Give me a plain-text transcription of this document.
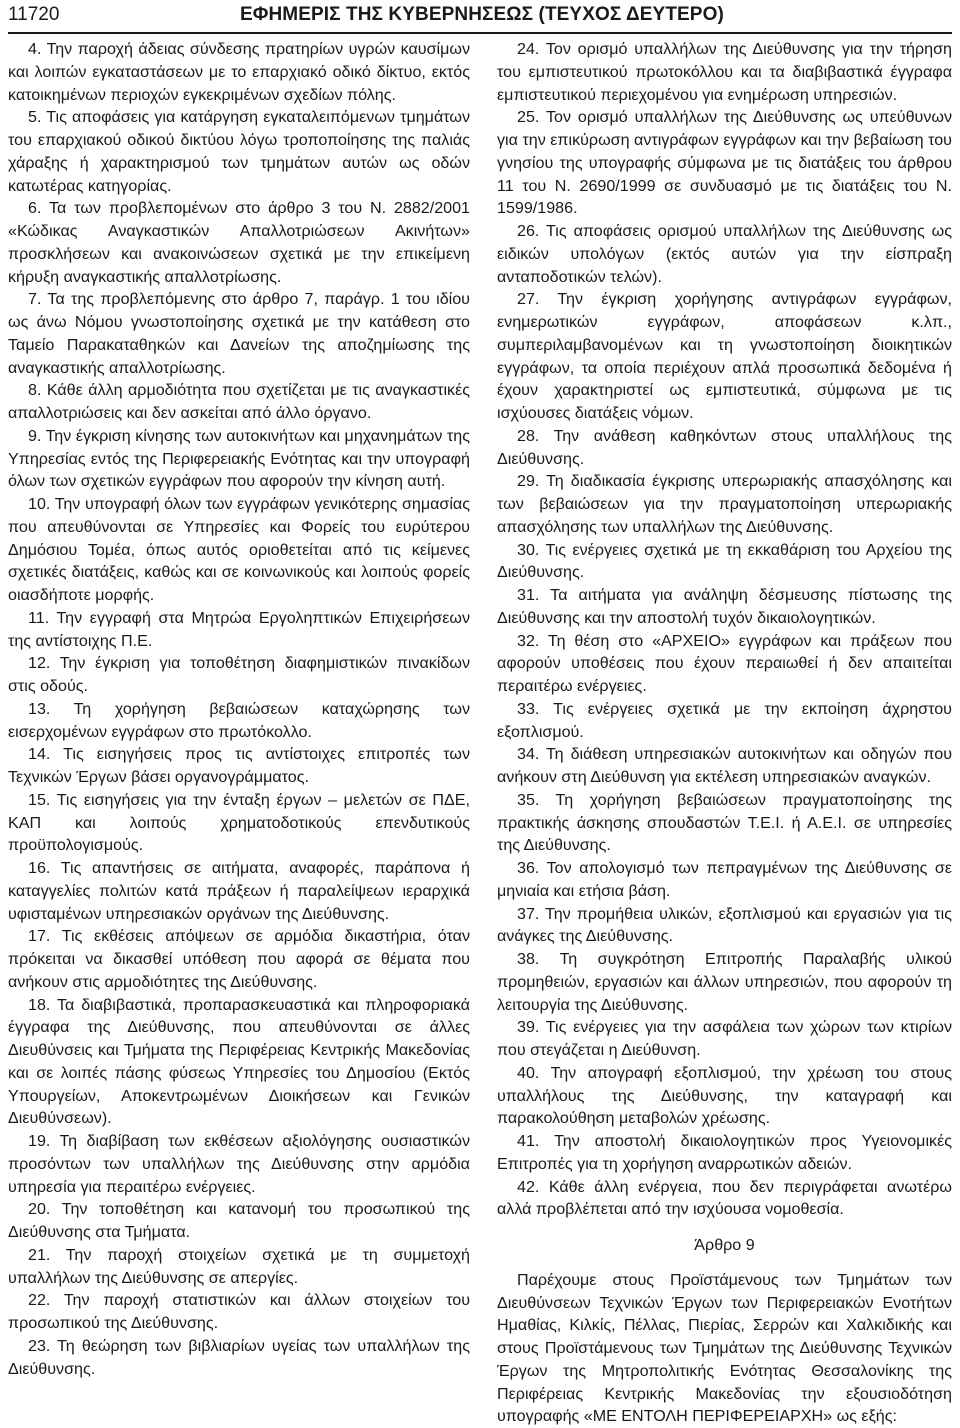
11720	ΕΦΗΜΕΡΙΣ ΤΗΣ ΚΥΒΕΡΝΗΣΕΩΣ (ΤΕΥΧΟΣ ΔΕΥΤΕΡΟ)

4. Την παροχή άδειας σύνδεσης πρατηρίων υγρών καυσίμων και λοιπών εγκαταστάσεων με το επαρχιακό οδικό δίκτυο, εκτός κατοικημένων περιοχών εγκεκριμένων σχεδίων πόλης.

5. Τις αποφάσεις για κατάργηση εγκαταλειπόμενων τμημάτων του επαρχιακού οδικού δικτύου λόγω τροποποίησης της παλιάς χάραξης ή χαρακτηρισμού των τμημάτων αυτών ως οδών κατωτέρας κατηγορίας.

6. Τα των προβλεπομένων στο άρθρο 3 του Ν. 2882/2001 «Κώδικας Αναγκαστικών Απαλλοτριώσεων Ακινήτων» προσκλήσεων και ανακοινώσεων σχετικά με την επικείμενη κήρυξη αναγκαστικής απαλλοτρίωσης.

7. Τα της προβλεπόμενης στο άρθρο 7, παράγρ. 1 του ιδίου ως άνω Νόμου γνωστοποίησης σχετικά με την κατάθεση στο Ταμείο Παρακαταθηκών και Δανείων της αποζημίωσης της αναγκαστικής απαλλοτρίωσης.

8. Κάθε άλλη αρμοδιότητα που σχετίζεται με τις αναγκαστικές απαλλοτριώσεις και δεν ασκείται από άλλο όργανο.

9. Την έγκριση κίνησης των αυτοκινήτων και μηχανημάτων της Υπηρεσίας εντός της Περιφερειακής Ενότητας και την υπογραφή όλων των σχετικών εγγράφων που αφορούν την κίνηση αυτή.

10. Την υπογραφή όλων των εγγράφων γενικότερης σημασίας που απευθύνονται σε Υπηρεσίες και Φορείς του ευρύτερου Δημόσιου Τομέα, όπως αυτός οριοθετείται από τις κείμενες σχετικές διατάξεις, καθώς και σε κοινωνικούς και λοιπούς φορείς οιασδήποτε μορφής.

11. Την εγγραφή στα Μητρώα Εργοληπτικών Επιχειρήσεων της αντίστοιχης Π.Ε.

12. Την έγκριση για τοποθέτηση διαφημιστικών πινακίδων στις οδούς.

13. Τη χορήγηση βεβαιώσεων καταχώρησης των εισερχομένων εγγράφων στο πρωτόκολλο.

14. Τις εισηγήσεις προς τις αντίστοιχες επιτροπές των Τεχνικών Έργων βάσει οργανογράμματος.

15. Τις εισηγήσεις για την ένταξη έργων – μελετών σε ΠΔΕ, ΚΑΠ και λοιπούς χρηματοδοτικούς επενδυτικούς προϋπολογισμούς.

16. Τις απαντήσεις σε αιτήματα, αναφορές, παράπονα ή καταγγελίες πολιτών κατά πράξεων ή παραλείψεων ιεραρχικά υφισταμένων υπηρεσιακών οργάνων της Διεύθυνσης.

17. Τις εκθέσεις απόψεων σε αρμόδια δικαστήρια, όταν πρόκειται να δικασθεί υπόθεση που αφορά σε θέματα που ανήκουν στις αρμοδιότητες της Διεύθυνσης.

18. Τα διαβιβαστικά, προπαρασκευαστικά και πληροφοριακά έγγραφα της Διεύθυνσης, που απευθύνονται σε άλλες Διευθύνσεις και Τμήματα της Περιφέρειας Κεντρικής Μακεδονίας και σε λοιπές πάσης φύσεως Υπηρεσίες του Δημοσίου (Εκτός Υπουργείων, Αποκεντρωμένων Διοικήσεων και Γενικών Διευθύνσεων).

19. Τη διαβίβαση των εκθέσεων αξιολόγησης ουσιαστικών προσόντων των υπαλλήλων της Διεύθυνσης στην αρμόδια υπηρεσία για περαιτέρω ενέργειες.

20. Την τοποθέτηση και κατανομή του προσωπικού της Διεύθυνσης στα Τμήματα.

21. Την παροχή στοιχείων σχετικά με τη συμμετοχή υπαλλήλων της Διεύθυνσης σε απεργίες.

22. Την παροχή στατιστικών και άλλων στοιχείων του προσωπικού της Διεύθυνσης.

23. Τη θεώρηση των βιβλιαρίων υγείας των υπαλλήλων της Διεύθυνσης.

24. Τον ορισμό υπαλλήλων της Διεύθυνσης για την τήρηση του εμπιστευτικού πρωτοκόλλου και τα διαβιβαστικά έγγραφα εμπιστευτικού περιεχομένου για ενημέρωση υπηρεσιών.

25. Τον ορισμό υπαλλήλων της Διεύθυνσης ως υπεύθυνων για την επικύρωση αντιγράφων εγγράφων και την βεβαίωση του γνησίου της υπογραφής σύμφωνα με τις διατάξεις του άρθρου 11 του Ν. 2690/1999 σε συνδυασμό με τις διατάξεις του Ν. 1599/1986.

26. Τις αποφάσεις ορισμού υπαλλήλων της Διεύθυνσης ως ειδικών υπολόγων (εκτός αυτών για την είσπραξη ανταποδοτικών τελών).

27. Την έγκριση χορήγησης αντιγράφων εγγράφων, ενημερωτικών εγγράφων, αποφάσεων κ.λπ., συμπεριλαμβανομένων και τη γνωστοποίηση διοικητικών εγγράφων, τα οποία περιέχουν απλά προσωπικά δεδομένα ή έχουν χαρακτηριστεί ως εμπιστευτικά, σύμφωνα με τις ισχύουσες διατάξεις νόμων.

28. Την ανάθεση καθηκόντων στους υπαλλήλους της Διεύθυνσης.

29. Τη διαδικασία έγκρισης υπερωριακής απασχόλησης και των βεβαιώσεων για την πραγματοποίηση υπερωριακής απασχόλησης των υπαλλήλων της Διεύθυνσης.

30. Τις ενέργειες σχετικά με τη εκκαθάριση του Αρχείου της Διεύθυνσης.

31. Τα αιτήματα για ανάληψη δέσμευσης πίστωσης της Διεύθυνσης και την αποστολή τυχόν δικαιολογητικών.

32. Τη θέση στο «ΑΡΧΕΙΟ» εγγράφων και πράξεων που αφορούν υποθέσεις που έχουν περαιωθεί ή δεν απαιτείται περαιτέρω ενέργειες.

33. Τις ενέργειες σχετικά με την εκποίηση άχρηστου εξοπλισμού.

34. Τη διάθεση υπηρεσιακών αυτοκινήτων και οδηγών που ανήκουν στη Διεύθυνση για εκτέλεση υπηρεσιακών αναγκών.

35. Τη χορήγηση βεβαιώσεων πραγματοποίησης της πρακτικής άσκησης σπουδαστών Τ.Ε.Ι. ή Α.Ε.Ι. σε υπηρεσίες της Διεύθυνσης.

36. Τον απολογισμό των πεπραγμένων της Διεύθυνσης σε μηνιαία και ετήσια βάση.

37. Την προμήθεια υλικών, εξοπλισμού και εργασιών για τις ανάγκες της Διεύθυνσης.

38. Τη συγκρότηση Επιτροπής Παραλαβής υλικού προμηθειών, εργασιών και άλλων υπηρεσιών, που αφορούν τη λειτουργία της Διεύθυνσης.

39. Τις ενέργειες για την ασφάλεια των χώρων των κτιρίων που στεγάζεται η Διεύθυνση.

40. Την απογραφή εξοπλισμού, την χρέωση του στους υπαλλήλους της Διεύθυνσης, την καταγραφή και παρακολούθηση μεταβολών χρέωσης.

41. Την αποστολή δικαιολογητικών προς Υγειονομικές Επιτροπές για τη χορήγηση αναρρωτικών αδειών.

42. Κάθε άλλη ενέργεια, που δεν περιγράφεται ανωτέρω αλλά προβλέπεται από την ισχύουσα νομοθεσία.

Άρθρο 9

Παρέχουμε στους Προϊστάμενους των Τμημάτων των Διευθύνσεων Τεχνικών Έργων των Περιφερειακών Ενοτήτων Ημαθίας, Κιλκίς, Πέλλας, Πιερίας, Σερρών και Χαλκιδικής και στους Προϊστάμενους των Τμημάτων της Διεύθυνσης Τεχνικών Έργων της Μητροπολιτικής Ενότητας Θεσσαλονίκης της Περιφέρειας Κεντρικής Μακεδονίας την εξουσιοδότηση υπογραφής «ΜΕ ΕΝΤΟΛΗ ΠΕΡΙΦΕΡΕΙΑΡΧΗ» ως εξής:
